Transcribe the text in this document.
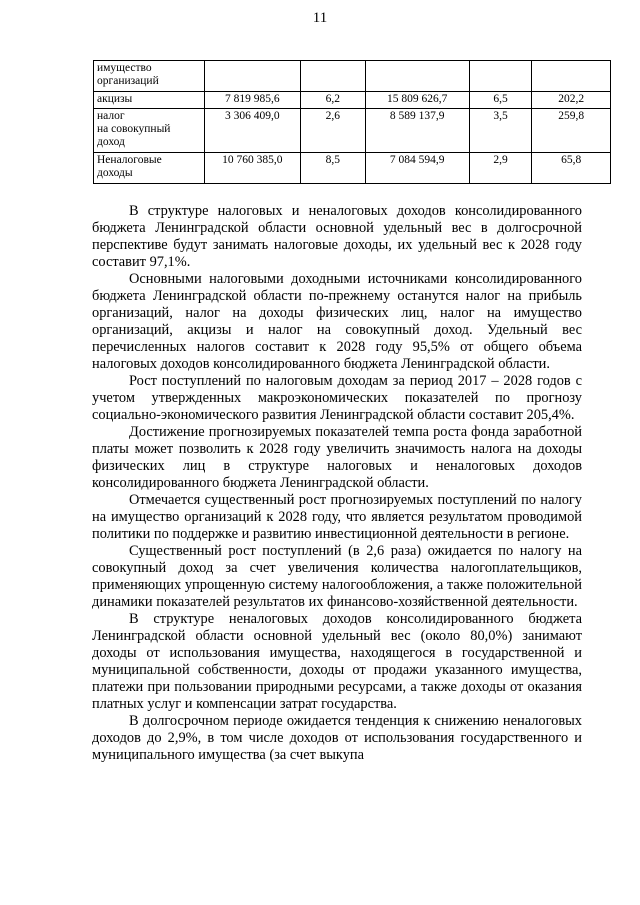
11
имущество
организаций					
акцизы	7 819 985,6	6,2	15 809 626,7	6,5	202,2
налог
на совокупный
доход	3 306 409,0	2,6	8 589 137,9	3,5	259,8
Неналоговые
доходы	10 760 385,0	8,5	7 084 594,9	2,9	65,8

В структуре налоговых и неналоговых доходов консолидированного бюджета Ленинградской области основной удельный вес в долгосрочной перспективе будут занимать налоговые доходы, их удельный вес к 2028 году составит 97,1%.

Основными налоговыми доходными источниками консолидированного бюджета Ленинградской области по-прежнему останутся налог на прибыль организаций, налог на доходы физических лиц, налог на имущество организаций, акцизы и налог на совокупный доход. Удельный вес перечисленных налогов составит к 2028 году 95,5% от общего объема налоговых доходов консолидированного бюджета Ленинградской области.

Рост поступлений по налоговым доходам за период 2017 – 2028 годов с учетом утвержденных макроэкономических показателей по прогнозу социально-экономического развития Ленинградской области составит 205,4%.

Достижение прогнозируемых показателей темпа роста фонда заработной платы может позволить к 2028 году увеличить значимость налога на доходы физических лиц в структуре налоговых и неналоговых доходов консолидированного бюджета Ленинградской области.

Отмечается существенный рост прогнозируемых поступлений по налогу на имущество организаций к 2028 году, что является результатом проводимой политики по поддержке и развитию инвестиционной деятельности в регионе.

Существенный рост поступлений (в 2,6 раза) ожидается по налогу на совокупный доход за счет увеличения количества налогоплательщиков, применяющих упрощенную систему налогообложения, а также положительной динамики показателей результатов их финансово-хозяйственной деятельности.

В структуре неналоговых доходов консолидированного бюджета Ленинградской области основной удельный вес (около 80,0%) занимают доходы от использования имущества, находящегося в государственной и муниципальной собственности, доходы от продажи указанного имущества, платежи при пользовании природными ресурсами, а также доходы от оказания платных услуг и компенсации затрат государства.

В долгосрочном периоде ожидается тенденция к снижению неналоговых доходов до 2,9%, в том числе доходов от использования государственного и муниципального имущества (за счет выкупа
